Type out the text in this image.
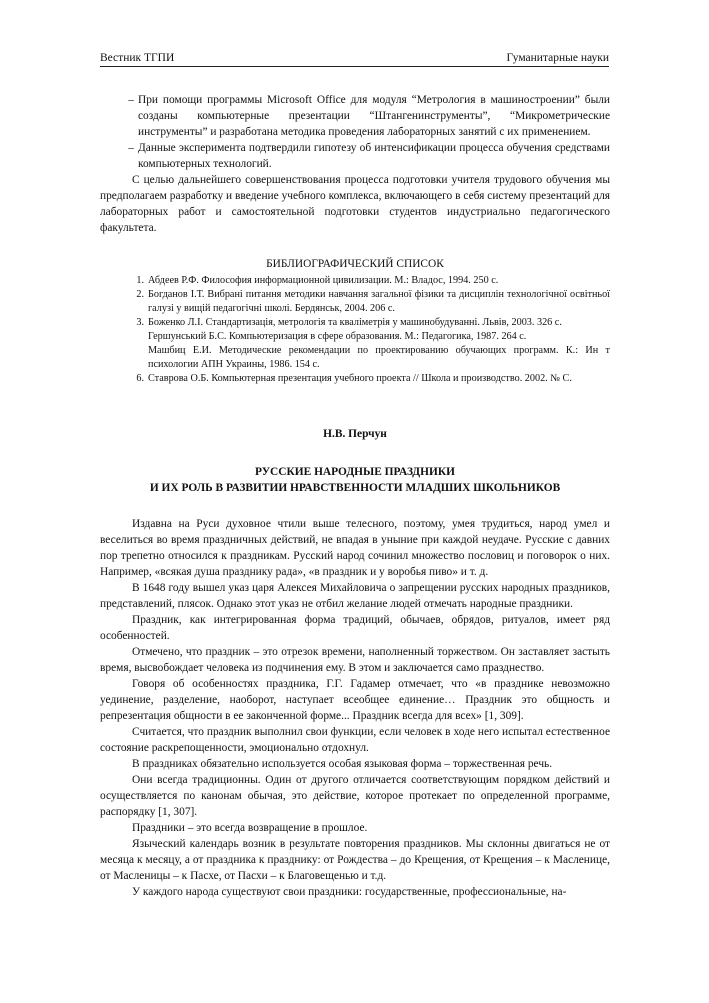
Вестник ТГПИ	Гуманитарные науки
– При помощи программы Microsoft Office для модуля “Метрология в машиностроении” были созданы компьютерные презентации “Штангенинструменты”, “Микрометрические инструменты” и разработана методика проведения лабораторных занятий с их применением.
– Данные эксперимента подтвердили гипотезу об интенсификации процесса обучения средствами компьютерных технологий.

С целью дальнейшего совершенствования процесса подготовки учителя трудового обучения мы предполагаем разработку и введение учебного комплекса, включающего в себя систему презентаций для лабораторных работ и самостоятельной подготовки студентов индустриально педагогического факультета.

БИБЛИОГРАФИЧЕСКИЙ СПИСОК
1. Абдеев Р.Ф. Философия информационной цивилизации. М.: Владос, 1994. 250 с.
2. Богданов І.Т. Вибрані питання методики навчання загальної фізики та дисциплін технологічної освітньої галузі у вищій педагогічні школі. Бердянськ, 2004. 206 с.
3. Боженко Л.І. Стандартизація, метрологія та кваліметрія у машинобудуванні. Львів, 2003. 326 с.
Гершунський Б.С. Компьютеризация в сфере образования. М.: Педагогика, 1987. 264 с.
Машбиц Е.И. Методические рекомендации по проектированию обучающих программ. К.: Ин т психологии АПН Украины, 1986. 154 с.
6. Ставрова О.Б. Компьютерная презентация учебного проекта // Школа и производство. 2002. № С.
Н.В. Перчун
РУССКИЕ НАРОДНЫЕ ПРАЗДНИКИ
И ИХ РОЛЬ В РАЗВИТИИ НРАВСТВЕННОСТИ МЛАДШИХ ШКОЛЬНИКОВ

Издавна на Руси духовное чтили выше телесного, поэтому, умея трудиться, народ умел и веселиться во время праздничных действий, не впадая в уныние при каждой неудаче. Русские с давних пор трепетно относился к праздникам. Русский народ сочинил множество пословиц и поговорок о них. Например, «всякая душа празднику рада», «в праздник и у воробья пиво» и т. д.

В 1648 году вышел указ царя Алексея Михайловича о запрещении русских народных праздников, представлений, плясок. Однако этот указ не отбил желание людей отмечать народные праздники.

Праздник, как интегрированная форма традиций, обычаев, обрядов, ритуалов, имеет ряд особенностей.

Отмечено, что праздник – это отрезок времени, наполненный торжеством. Он заставляет застыть время, высвобождает человека из подчинения ему. В этом и заключается само празднество.

Говоря об особенностях праздника, Г.Г. Гадамер отмечает, что «в празднике невозможно уединение, разделение, наоборот, наступает всеобщее единение… Праздник это общность и репрезентация общности в ее законченной форме... Праздник всегда для всех» [1, 309].

Считается, что праздник выполнил свои функции, если человек в ходе него испытал естественное состояние раскрепощенности, эмоционально отдохнул.

В праздниках обязательно используется особая языковая форма – торжественная речь.

Они всегда традиционны. Один от другого отличается соответствующим порядком действий и осуществляется по канонам обычая, это действие, которое протекает по определенной программе, распорядку [1, 307].

Праздники – это всегда возвращение в прошлое.

Языческий календарь возник в результате повторения праздников. Мы склонны двигаться не от месяца к месяцу, а от праздника к празднику: от Рождества – до Крещения, от Крещения – к Масленице, от Масленицы – к Пасхе, от Пасхи – к Благовещенью и т.д.

У каждого народа существуют свои праздники: государственные, профессиональные, на-
